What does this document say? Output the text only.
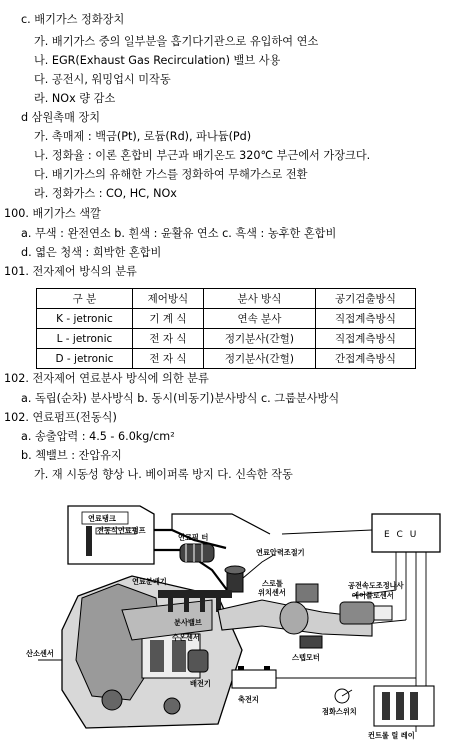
c. 배기가스 정화장치
가. 배기가스 중의 일부분을 흡기다기관으로 유입하여 연소
나. EGR(Exhaust Gas Recirculation) 밸브 사용
다. 공전시, 워밍업시 미작동
라. NOx 량 감소
d 삼원촉매 장치
가. 촉매제 : 백금(Pt), 로듐(Rd), 파나듐(Pd)
나. 정화율 : 이론 혼합비 부근과 배기온도 320℃ 부근에서 가장크다.
다. 배기가스의 유해한 가스를 정화하여 무해가스로 전환
라. 정화가스 : CO, HC, NOx
100. 배기가스 색깔
a. 무색 : 완전연소 b. 흰색 : 윤활유 연소 c. 흑색 : 농후한 혼합비
d. 엷은 청색 : 희박한 혼합비
101. 전자제어 방식의 분류
구 분	제어방식	분사 방식	공기검출방식
K - jetronic	기 계 식	연속 분사	직접계측방식
L - jetronic	전 자 식	정기분사(간헐)	직접계측방식
D - jetronic	전 자 식	정기분사(간헐)	간접계측방식
102. 전자제어 연료분사 방식에 의한 분류
a. 독립(순차) 분사방식 b. 동시(비동기)분사방식 c. 그룹분사방식
102. 연료펌프(전동식)
a. 송출압력 : 4.5 - 6.0kg/cm²
b. 첵밸브 : 잔압유지
가. 재 시동성 향상 나. 베이퍼록 방지 다. 신속한 작동
연료탱크
전동식연료펌프
연료필 터
연료압력조절기
E C U
연료분배기
분사밸브
스로틀
위치센서
공전속도조정나사
에어플로센서
스텝모터
수온센서
산소센서
배전기
축전지
점화스위치
컨트롤 릴 레이
